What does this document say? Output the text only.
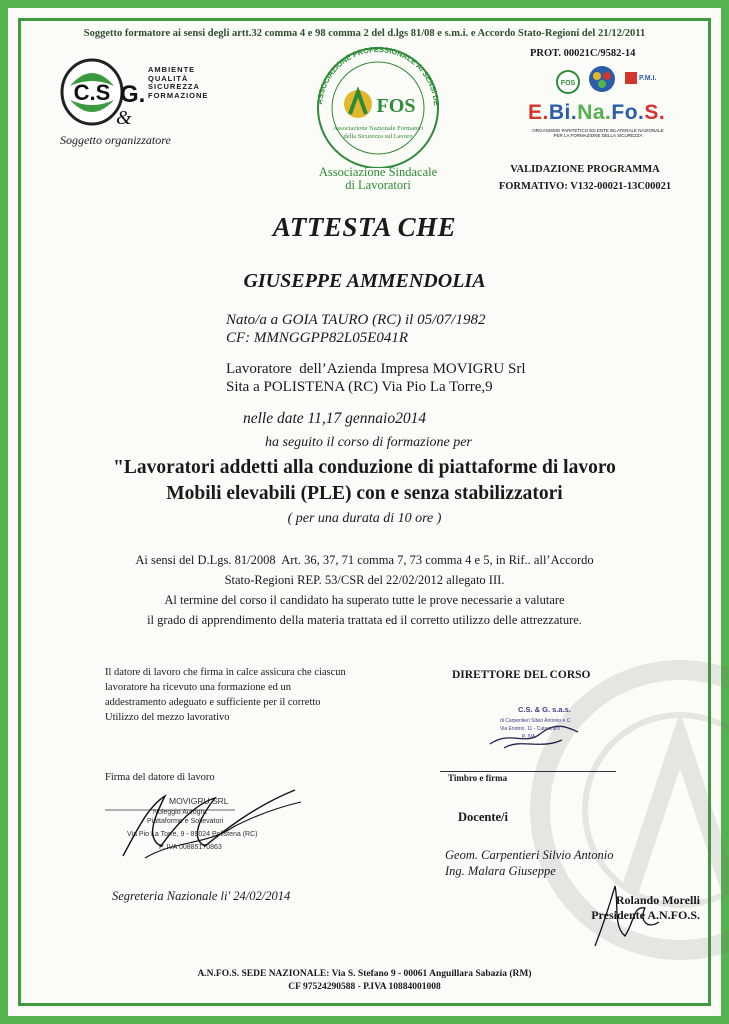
Soggetto formatore ai sensi degli artt.32 comma 4 e 98 comma 2 del d.lgs 81/08 e s.m.i. e Accordo Stato-Regioni del 21/12/2011
C.S G.
&
AMBIENTE
QUALITÀ
SICUREZZA
FORMAZIONE
Soggetto organizzatore
ASSOCIAZIONE PROFESSIONALE AI SENSI DE
FOS
Associazione Nazionale Formatori
della Sicurezza sul Lavoro
Associazione Sindacale
di Lavoratori
PROT. 00021C/9582-14
FOS
P.M.I.
E.Bi.Na.Fo.S.
ORGANISMO PARITETICO ED ENTE BILATERALE NAZIONALE
PER LA FORMAZIONE DELLA SICUREZZA
VALIDAZIONE PROGRAMMA
FORMATIVO: V132-00021-13C00021
ATTESTA CHE
GIUSEPPE AMMENDOLIA
Nato/a a GOIA TAURO (RC) il 05/07/1982
CF: MMNGGPP82L05E041R
Lavoratore  dell’Azienda Impresa MOVIGRU Srl
Sita a POLISTENA (RC) Via Pio La Torre,9
nelle date 11,17 gennaio2014
ha seguito il corso di formazione per
"Lavoratori addetti alla conduzione di piattaforme di lavoro
Mobili elevabili (PLE) con e senza stabilizzatori
( per una durata di 10 ore )

Ai sensi del D.Lgs. 81/2008  Art. 36, 37, 71 comma 7, 73 comma 4 e 5, in Rif.. all’Accordo

Stato-Regioni REP. 53/CSR del 22/02/2012 allegato III.

Al termine del corso il candidato ha superato tutte le prove necessarie a valutare

il grado di apprendimento della materia trattata ed il corretto utilizzo delle attrezzature.

Il datore di lavoro che firma in calce assicura che ciascun
lavoratore ha ricevuto una formazione ed un
addestramento adeguato e sufficiente per il corretto
Utilizzo del mezzo lavorativo
DIRETTORE DEL CORSO
C.S. & G. s.a.s.
di Carpentieri Silvio Antonio e C.
Via Enotrio, 11 - Catanzaro
P. IVA
Timbro e firma
Firma del datore di lavoro
MOVIGRU SRL
Noleggio Autogru
Piattaforme e Sollevatori
Via Pio La Torre, 9 - 89024 Polistena (RC)
P. IVA 00885170863
Docente/i
Geom. Carpentieri Silvio Antonio
Ing. Malara Giuseppe
Segreteria Nazionale li' 24/02/2014	Rolando Morelli
Presidente A.N.FO.S.
A.N.FO.S. SEDE NAZIONALE: Via S. Stefano 9 - 00061 Anguillara Sabazia (RM)
CF 97524290588 - P.IVA 10884001008
